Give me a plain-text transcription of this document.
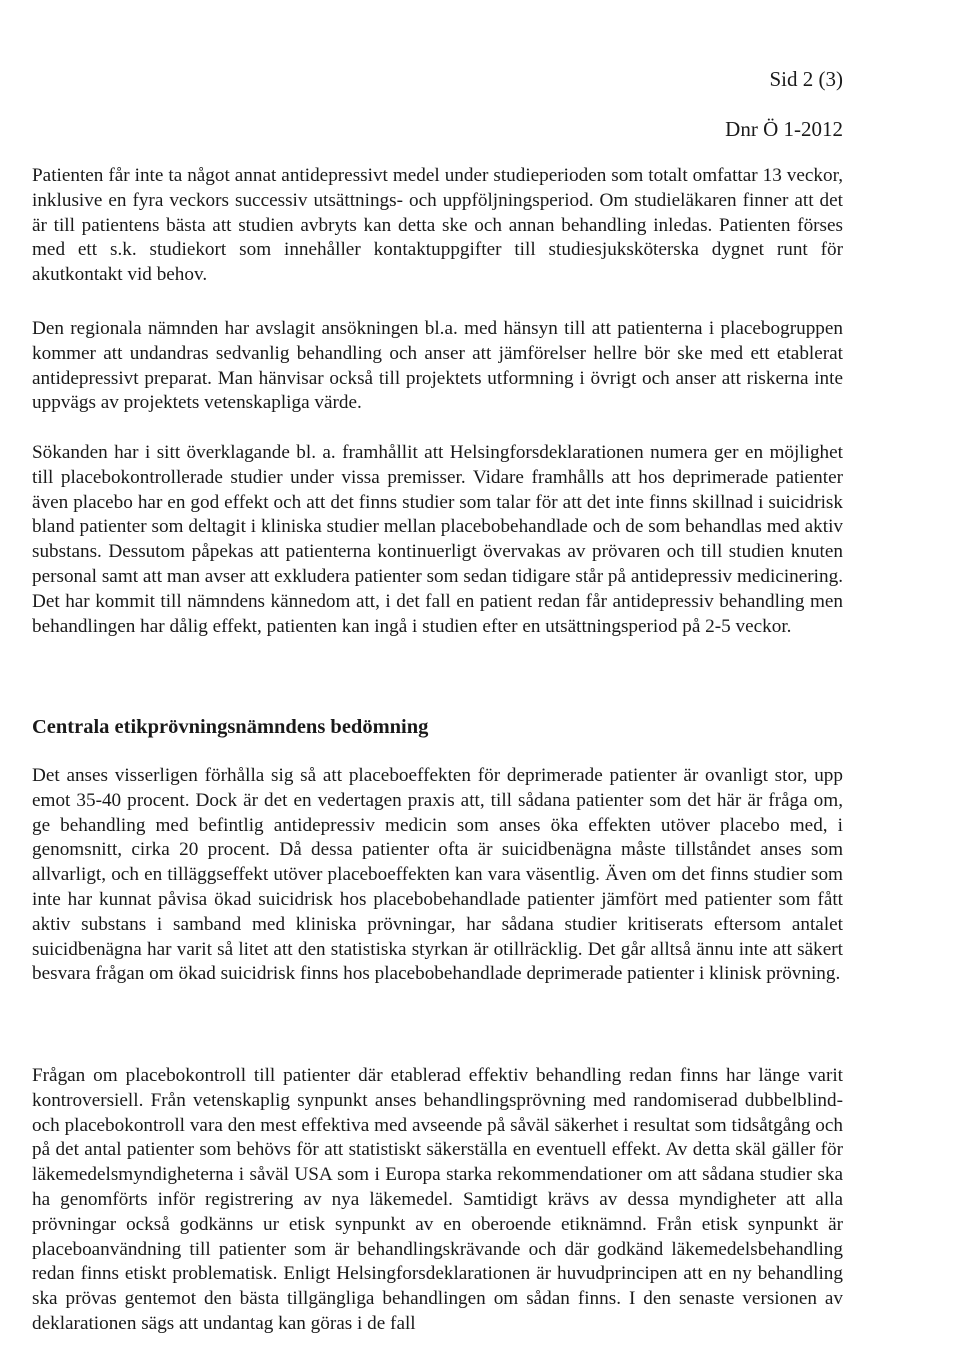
Sid 2 (3)
Dnr Ö 1-2012

Patienten får inte ta något annat antidepressivt medel under studieperioden som totalt omfattar 13 veckor, inklusive en fyra veckors successiv utsättnings- och uppföljningsperiod. Om studieläkaren finner att det är till patientens bästa att studien avbryts kan detta ske och annan behandling inledas. Patienten förses med ett s.k. studiekort som innehåller kontaktuppgifter till studiesjuksköterska dygnet runt för akutkontakt vid behov.

Den regionala nämnden har avslagit ansökningen bl.a. med hänsyn till att patienterna i placebogruppen kommer att undandras sedvanlig behandling och anser att jämförelser hellre bör ske med ett etablerat antidepressivt preparat. Man hänvisar också till projektets utformning i övrigt och anser att riskerna inte uppvägs av projektets vetenskapliga värde.

Sökanden har i sitt överklagande bl. a. framhållit att Helsingforsdeklarationen numera ger en möjlighet till placebokontrollerade studier under vissa premisser. Vidare framhålls att hos deprimerade patienter även placebo har en god effekt och att det finns studier som talar för att det inte finns skillnad i suicidrisk bland patienter som deltagit i kliniska studier mellan placebobehandlade och de som behandlas med aktiv substans. Dessutom påpekas att patienterna kontinuerligt övervakas av prövaren och till studien knuten personal samt att man avser att exkludera patienter som sedan tidigare står på antidepressiv medicinering. Det har kommit till nämndens kännedom att, i det fall en patient redan får antidepressiv behandling men behandlingen har dålig effekt, patienten kan ingå i studien efter en utsättningsperiod på 2-5 veckor.

Centrala etikprövningsnämndens bedömning

Det anses visserligen förhålla sig så att placeboeffekten för deprimerade patienter är ovanligt stor, upp emot 35-40 procent. Dock är det en vedertagen praxis att, till sådana patienter som det här är fråga om, ge behandling med befintlig antidepressiv medicin som anses öka effekten utöver placebo med, i genomsnitt, cirka 20 procent. Då dessa patienter ofta är suicidbenägna måste tillståndet anses som allvarligt, och en tilläggseffekt utöver placeboeffekten kan vara väsentlig. Även om det finns studier som inte har kunnat påvisa ökad suicidrisk hos placebobehandlade patienter jämfört med patienter som fått aktiv substans i samband med kliniska prövningar, har sådana studier kritiserats eftersom antalet suicidbenägna har varit så litet att den statistiska styrkan är otillräcklig. Det går alltså ännu inte att säkert besvara frågan om ökad suicidrisk finns hos placebobehandlade deprimerade patienter i klinisk prövning.

Frågan om placebokontroll till patienter där etablerad effektiv behandling redan finns har länge varit kontroversiell. Från vetenskaplig synpunkt anses behandlingsprövning med randomiserad dubbelblind- och placebokontroll vara den mest effektiva med avseende på såväl säkerhet i resultat som tidsåtgång och på det antal patienter som behövs för att statistiskt säkerställa en eventuell effekt. Av detta skäl gäller för läkemedelsmyndigheterna i såväl USA som i Europa starka rekommendationer om att sådana studier ska ha genomförts inför registrering av nya läkemedel. Samtidigt krävs av dessa myndigheter att alla prövningar också godkänns ur etisk synpunkt av en oberoende etiknämnd. Från etisk synpunkt är placeboanvändning till patienter som är behandlingskrävande och där godkänd läkemedelsbehandling redan finns etiskt problematisk. Enligt Helsingforsdeklarationen är huvudprincipen att en ny behandling ska prövas gentemot den bästa tillgängliga behandlingen om sådan finns. I den senaste versionen av deklarationen sägs att undantag kan göras i de fall
